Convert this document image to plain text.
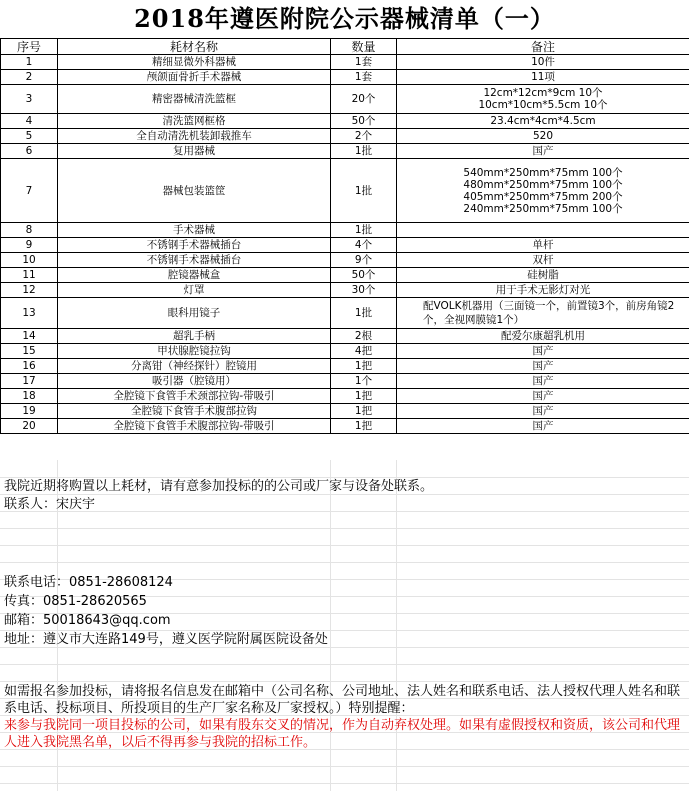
2018年遵医附院公示器械清单（一）
序号	耗材名称	数量	备注
1	精细显微外科器械	1套	10件

2	颅颌面骨折手术器械	1套	11项

3	精密器械清洗篮框	20个	12cm*12cm*9cm 10个
10cm*10cm*5.5cm 10个

4	清洗篮网框格	50个	23.4cm*4cm*4.5cm

5	全自动清洗机装卸载推车	2个	520

6	复用器械	1批	国产

7	器械包装篮筐	1批	540mm*250mm*75mm 100个
480mm*250mm*75mm 100个
405mm*250mm*75mm 200个
240mm*250mm*75mm 100个

8	手术器械	1批	

9	不锈钢手术器械插台	4个	单杆

10	不锈钢手术器械插台	9个	双杆

11	腔镜器械盒	50个	硅树脂

12	灯罩	30个	用于手术无影灯对光

13	眼科用镜子	1批	配VOLK机器用（三面镜一个，前置镜3个，前房角镜2个，全视网膜镜1个）

14	超乳手柄	2根	配爱尔康超乳机用

15	甲状腺腔镜拉钩	4把	国产

16	分离钳（神经探针）腔镜用	1把	国产

17	吸引器（腔镜用）	1个	国产

18	全腔镜下食管手术颈部拉钩-带吸引	1把	国产

19	全腔镜下食管手术腹部拉钩	1把	国产

20	全腔镜下食管手术腹部拉钩-带吸引	1把	国产
我院近期将购置以上耗材，请有意参加投标的的公司或厂家与设备处联系。
联系人：宋庆宇
联系电话：0851-28608124
传真：0851-28620565
邮箱：50018643@qq.com
地址：遵义市大连路149号，遵义医学院附属医院设备处
如需报名参加投标，请将报名信息发在邮箱中（公司名称、公司地址、法人姓名和联系电话、法人授权代理人姓名和联系电话、投标项目、所投项目的生产厂家名称及厂家授权。）特别提醒：
来参与我院同一项目投标的公司，如果有股东交叉的情况，作为自动弃权处理。如果有虚假授权和资质，该公司和代理人进入我院黑名单，以后不得再参与我院的招标工作。
